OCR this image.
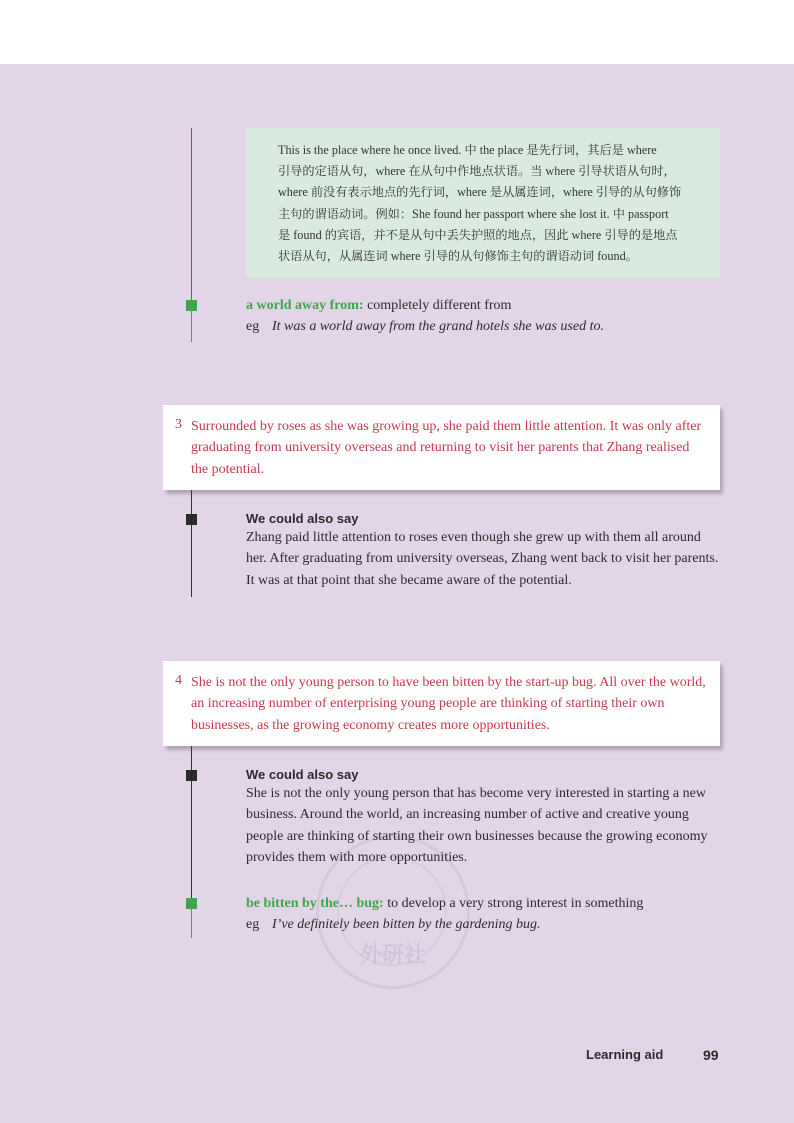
This is the place where he once lived. 中 the place 是先行词，其后是 where
引导的定语从句，where 在从句中作地点状语。当 where 引导状语从句时，
where 前没有表示地点的先行词，where 是从属连词，where 引导的从句修饰
主句的谓语动词。例如：She found her passport where she lost it. 中 passport
是 found 的宾语，并不是从句中丢失护照的地点，因此 where 引导的是地点
状语从句，从属连词 where 引导的从句修饰主句的谓语动词 found。
a world away from: completely different from
eg It was a world away from the grand hotels she was used to.
3 Surrounded by roses as she was growing up, she paid them little attention. It was only after graduating from university overseas and returning to visit her parents that Zhang realised the potential.
We could also say
Zhang paid little attention to roses even though she grew up with them all around her. After graduating from university overseas, Zhang went back to visit her parents. It was at that point that she became aware of the potential.
4 She is not the only young person to have been bitten by the start-up bug. All over the world, an increasing number of enterprising young people are thinking of starting their own businesses, as the growing economy creates more opportunities.
外研社
We could also say
She is not the only young person that has become very interested in starting a new business. Around the world, an increasing number of active and creative young people are thinking of starting their own businesses because the growing economy provides them with more opportunities.
be bitten by the… bug: to develop a very strong interest in something
eg I’ve definitely been bitten by the gardening bug.
Learning aid	99
